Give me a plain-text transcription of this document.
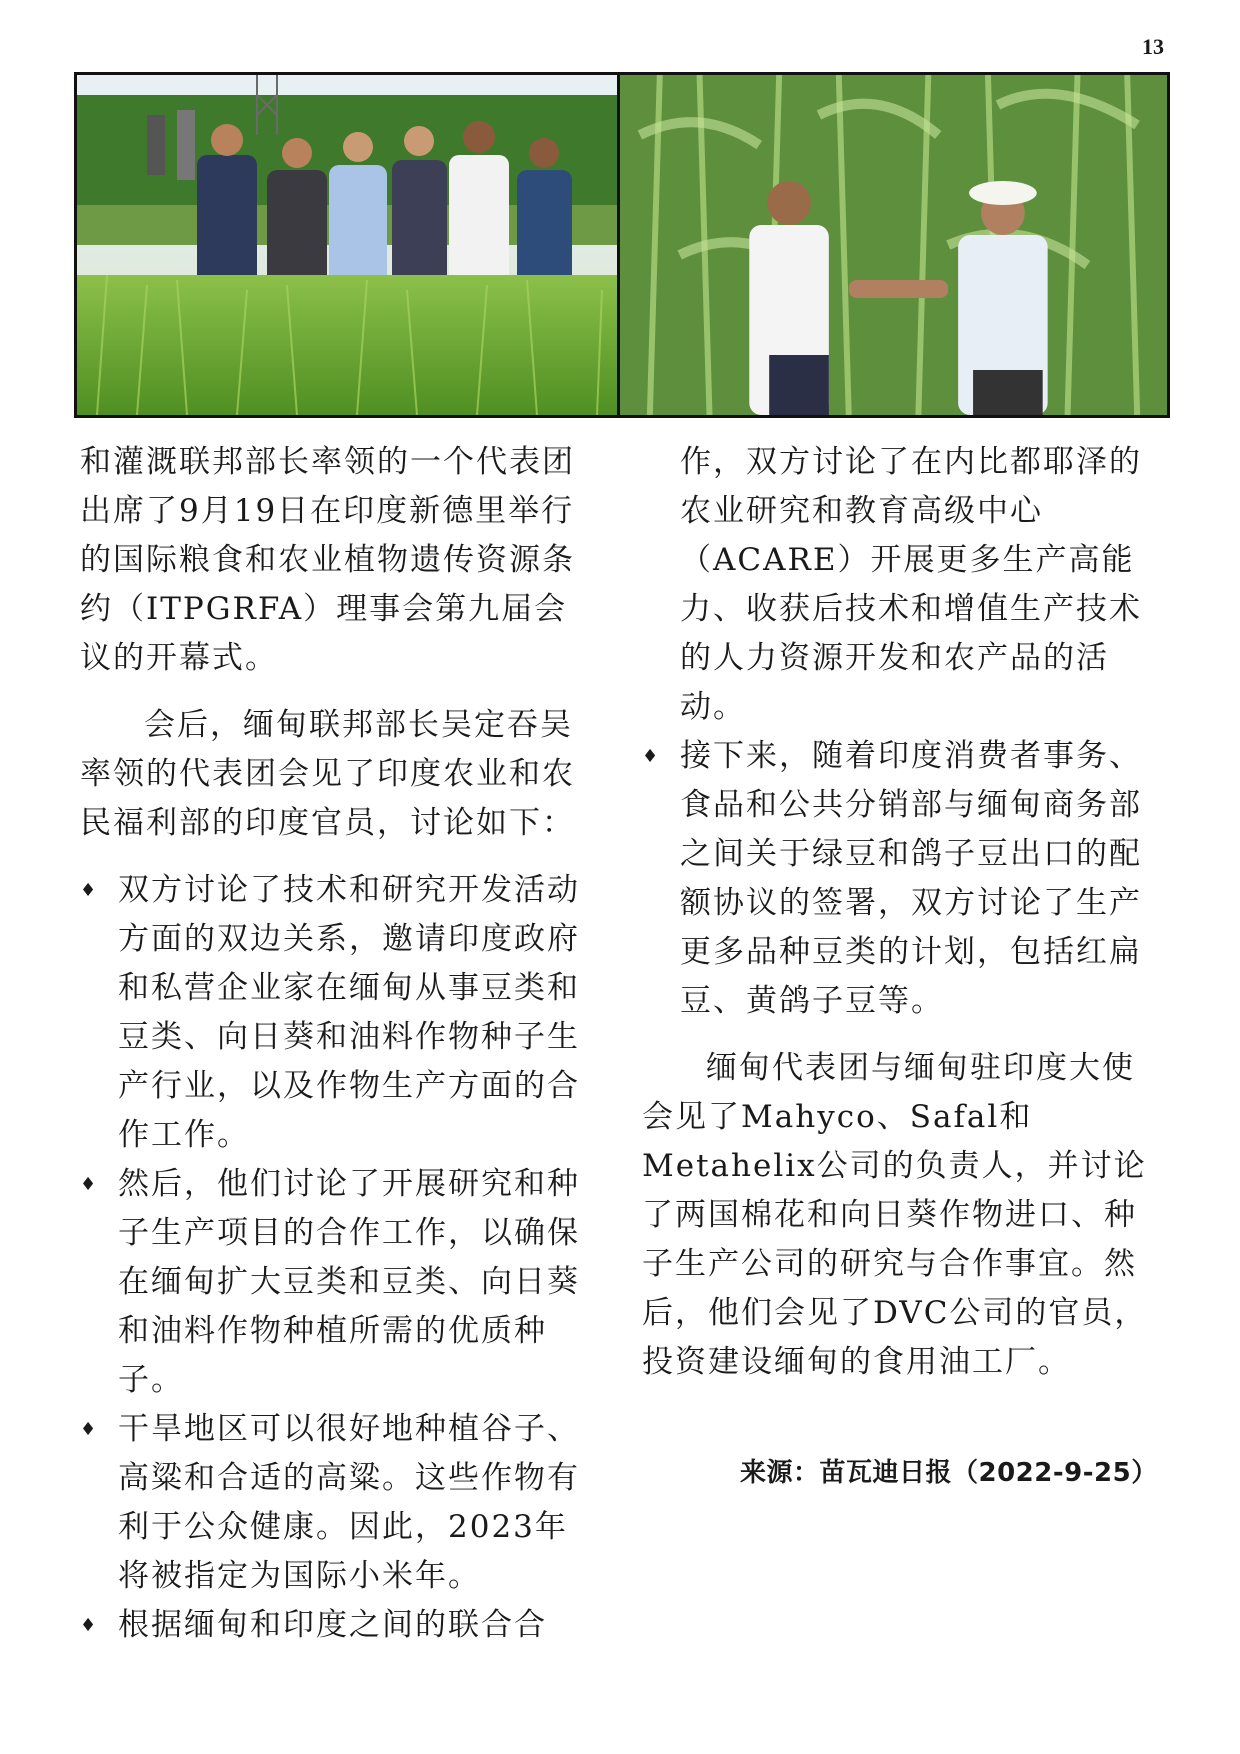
13

和灌溉联邦部长率领的一个代表团出席了9月19日在印度新德里举行的国际粮食和农业植物遗传资源条约（ITPGRFA）理事会第九届会议的开幕式。

会后，缅甸联邦部长吴定吞吴率领的代表团会见了印度农业和农民福利部的印度官员，讨论如下：

♦ 双方讨论了技术和研究开发活动方面的双边关系，邀请印度政府和私营企业家在缅甸从事豆类和豆类、向日葵和油料作物种子生产行业，以及作物生产方面的合作工作。
♦ 然后，他们讨论了开展研究和种子生产项目的合作工作，以确保在缅甸扩大豆类和豆类、向日葵和油料作物种植所需的优质种子。
♦ 干旱地区可以很好地种植谷子、高粱和合适的高粱。这些作物有利于公众健康。因此，2023年将被指定为国际小米年。
♦ 根据缅甸和印度之间的联合合

作，双方讨论了在内比都耶泽的农业研究和教育高级中心（ACARE）开展更多生产高能力、收获后技术和增值生产技术的人力资源开发和农产品的活动。

♦ 接下来，随着印度消费者事务、食品和公共分销部与缅甸商务部之间关于绿豆和鸽子豆出口的配额协议的签署，双方讨论了生产更多品种豆类的计划，包括红扁豆、黄鸽子豆等。

缅甸代表团与缅甸驻印度大使会见了Mahyco、Safal和Metahelix公司的负责人，并讨论了两国棉花和向日葵作物进口、种子生产公司的研究与合作事宜。然后，他们会见了DVC公司的官员，投资建设缅甸的食用油工厂。

来源：苗瓦迪日报（2022-9-25）
